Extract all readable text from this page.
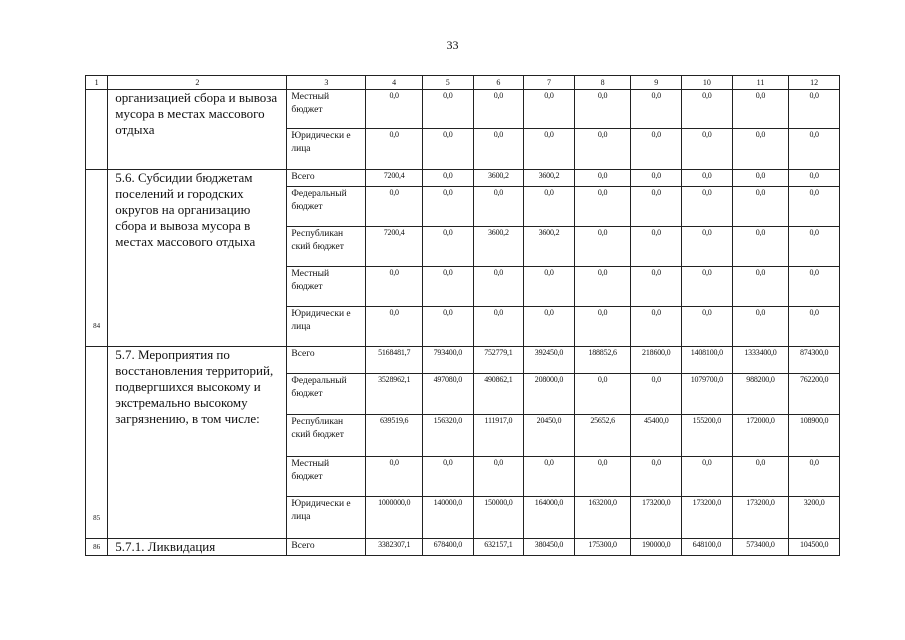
33
1	2	3	4	5	6	7	8	9	10	11	12
	организацией сбора и вывоза мусора в местах массового отдыха	Местный бюджет	0,0	0,0	0,0	0,0	0,0	0,0	0,0	0,0	0,0
		Юридически е лица	0,0	0,0	0,0	0,0	0,0	0,0	0,0	0,0	0,0
84	5.6. Субсидии бюджетам поселений и городских округов на организацию сбора и вывоза мусора в местах массового отдыха	Всего	7200,4	0,0	3600,2	3600,2	0,0	0,0	0,0	0,0	0,0
		Федеральный бюджет	0,0	0,0	0,0	0,0	0,0	0,0	0,0	0,0	0,0
		Республикан ский бюджет	7200,4	0,0	3600,2	3600,2	0,0	0,0	0,0	0,0	0,0
		Местный бюджет	0,0	0,0	0,0	0,0	0,0	0,0	0,0	0,0	0,0
		Юридически е лица	0,0	0,0	0,0	0,0	0,0	0,0	0,0	0,0	0,0
85	5.7. Мероприятия по восстановления территорий, подвергшихся высокому и экстремально высокому загрязнению, в том числе:	Всего	5168481,7	793400,0	752779,1	392450,0	188852,6	218600,0	1408100,0	1333400,0	874300,0
		Федеральный бюджет	3528962,1	497080,0	490862,1	208000,0	0,0	0,0	1079700,0	988200,0	762200,0
		Республикан ский бюджет	639519,6	156320,0	111917,0	20450,0	25652,6	45400,0	155200,0	172000,0	108900,0
		Местный бюджет	0,0	0,0	0,0	0,0	0,0	0,0	0,0	0,0	0,0
		Юридически е лица	1000000,0	140000,0	150000,0	164000,0	163200,0	173200,0	173200,0	173200,0	3200,0
86	5.7.1. Ликвидация	Всего	3382307,1	678400,0	632157,1	380450,0	175300,0	190000,0	648100,0	573400,0	104500,0
